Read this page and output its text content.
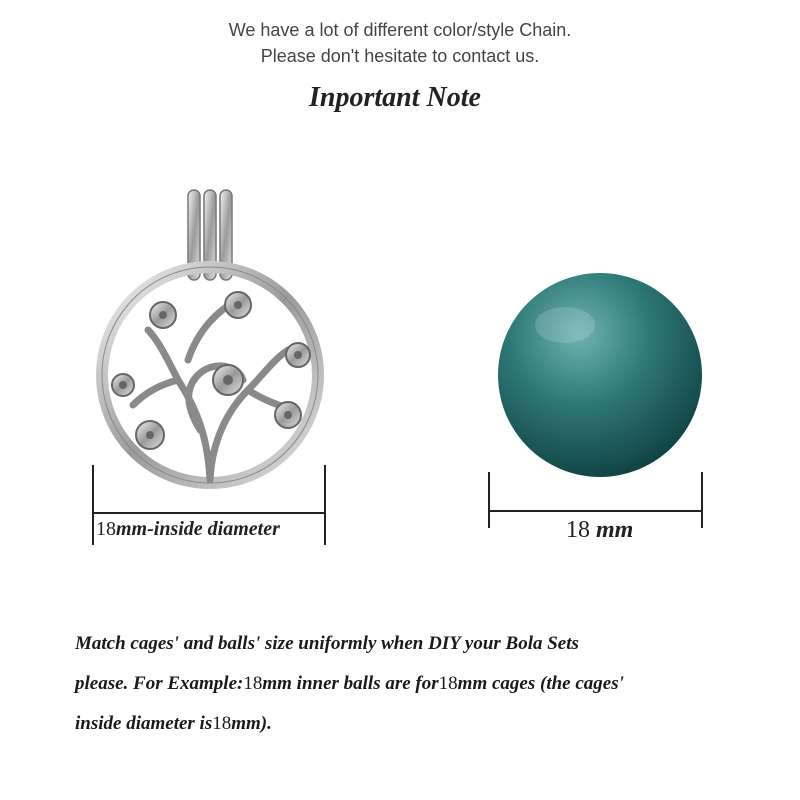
We have a lot of different color/style Chain.
Please don't hesitate to contact us.
Inportant Note
18mm-inside diameter	18 mm
Match cages' and balls' size uniformly when DIY your Bola Sets
please. For Example:18mm inner balls are for18mm cages (the cages'
inside diameter is18mm).
